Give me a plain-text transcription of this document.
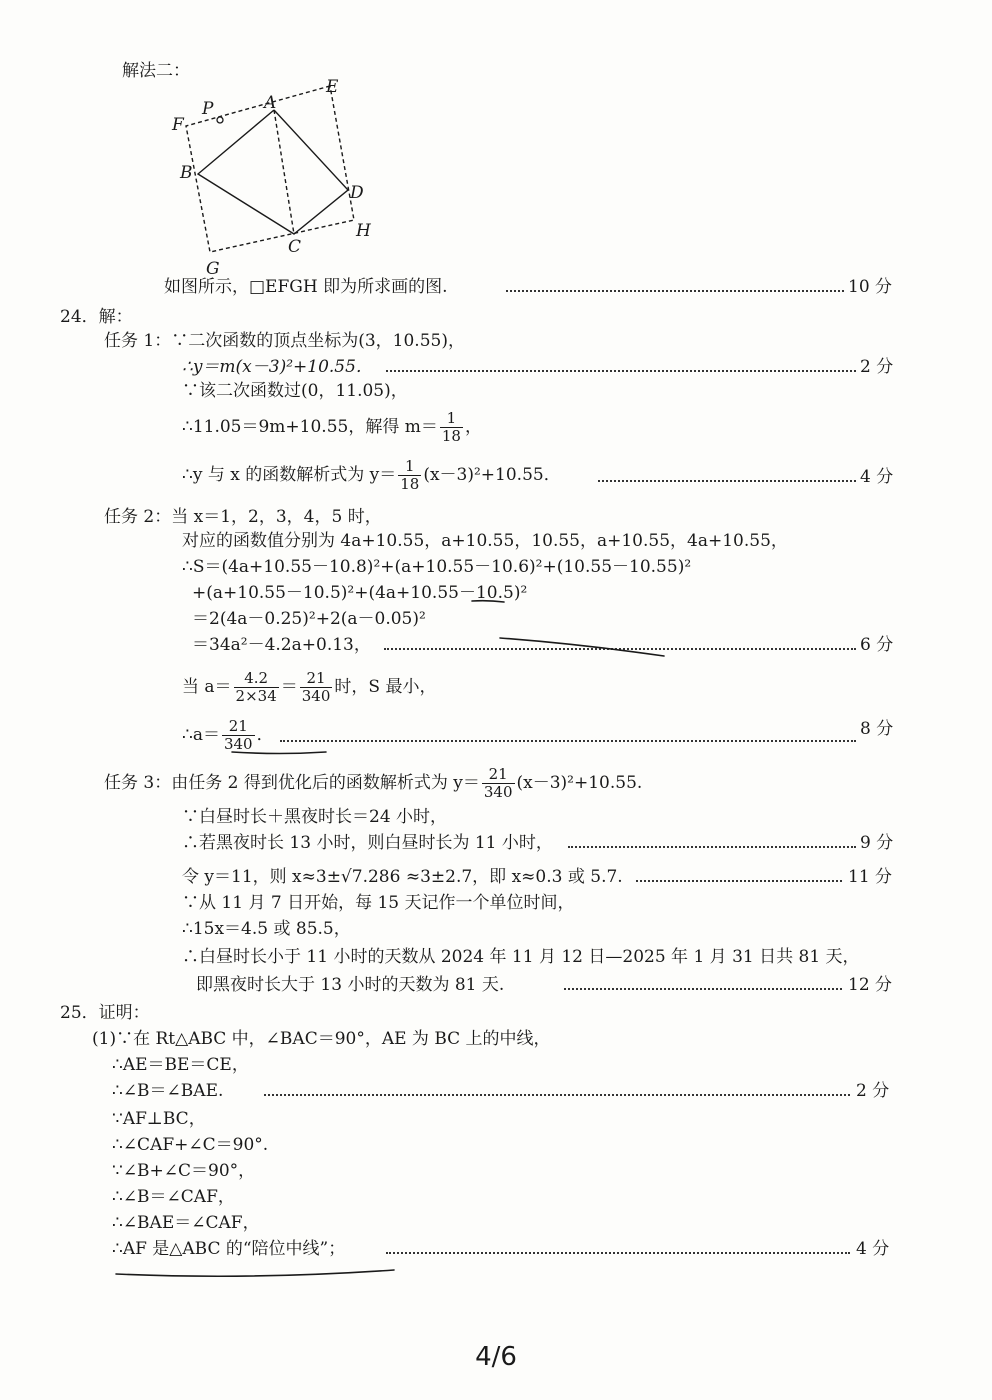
解法二：
E
P	A
F
B
D
C
H
G
如图所示，□EFGH 即为所求画的图.	10 分
24．解：
任务 1：∵二次函数的顶点坐标为(3，10.55)，
∴y＝m(x－3)²+10.55．	2 分
∵该二次函数过(0，11.05)，
∴11.05＝9m+10.55，解得 $m= \frac{1}{18}$ ，
∴y 与 x 的函数解析式为 $y= \frac{1}{18} (x-3)^2+10.55$．	4 分
任务 2：当 x＝1，2，3，4，5 时，
对应的函数值分别为 4a+10.55，a+10.55，10.55，a+10.55，4a+10.55，
∴S＝(4a+10.55－10.8)²+(a+10.55－10.6)²+(10.55－10.55)²
+(a+10.55－10.5)²+(4a+10.55－10.5)²
＝2(4a－0.25)²+2(a－0.05)²
＝34a²－4.2a+0.13，	6 分
当 $a= \frac{4.2}{2\times 34} = \frac{21}{340}$ 时，S 最小，
∴a＝ $\frac{21}{340}$ ．	8 分
任务 3：由任务 2 得到优化后的函数解析式为 $y= \frac{21}{340} (x-3)^2+10.55$.
∵白昼时长＋黑夜时长＝24 小时，
∴若黑夜时长 13 小时，则白昼时长为 11 小时，	9 分
令 y＝11，则 x≈3±√7.286 ≈3±2.7，即 x≈0.3 或 5.7.	11 分
∵从 11 月 7 日开始，每 15 天记作一个单位时间，
∴15x＝4.5 或 85.5，
∴白昼时长小于 11 小时的天数从 2024 年 11 月 12 日—2025 年 1 月 31 日共 81 天，
即黑夜时长大于 13 小时的天数为 81 天.	12 分
25．证明：
(1)∵在 Rt△ABC 中，∠BAC＝90°，AE 为 BC 上的中线，
∴AE＝BE＝CE，
∴∠B＝∠BAE.	2 分
∵AF⊥BC，
∴∠CAF+∠C＝90°.
∵∠B+∠C＝90°，
∴∠B＝∠CAF，
∴∠BAE＝∠CAF，
∴AF 是△ABC 的“陪位中线”；	4 分
4/6
